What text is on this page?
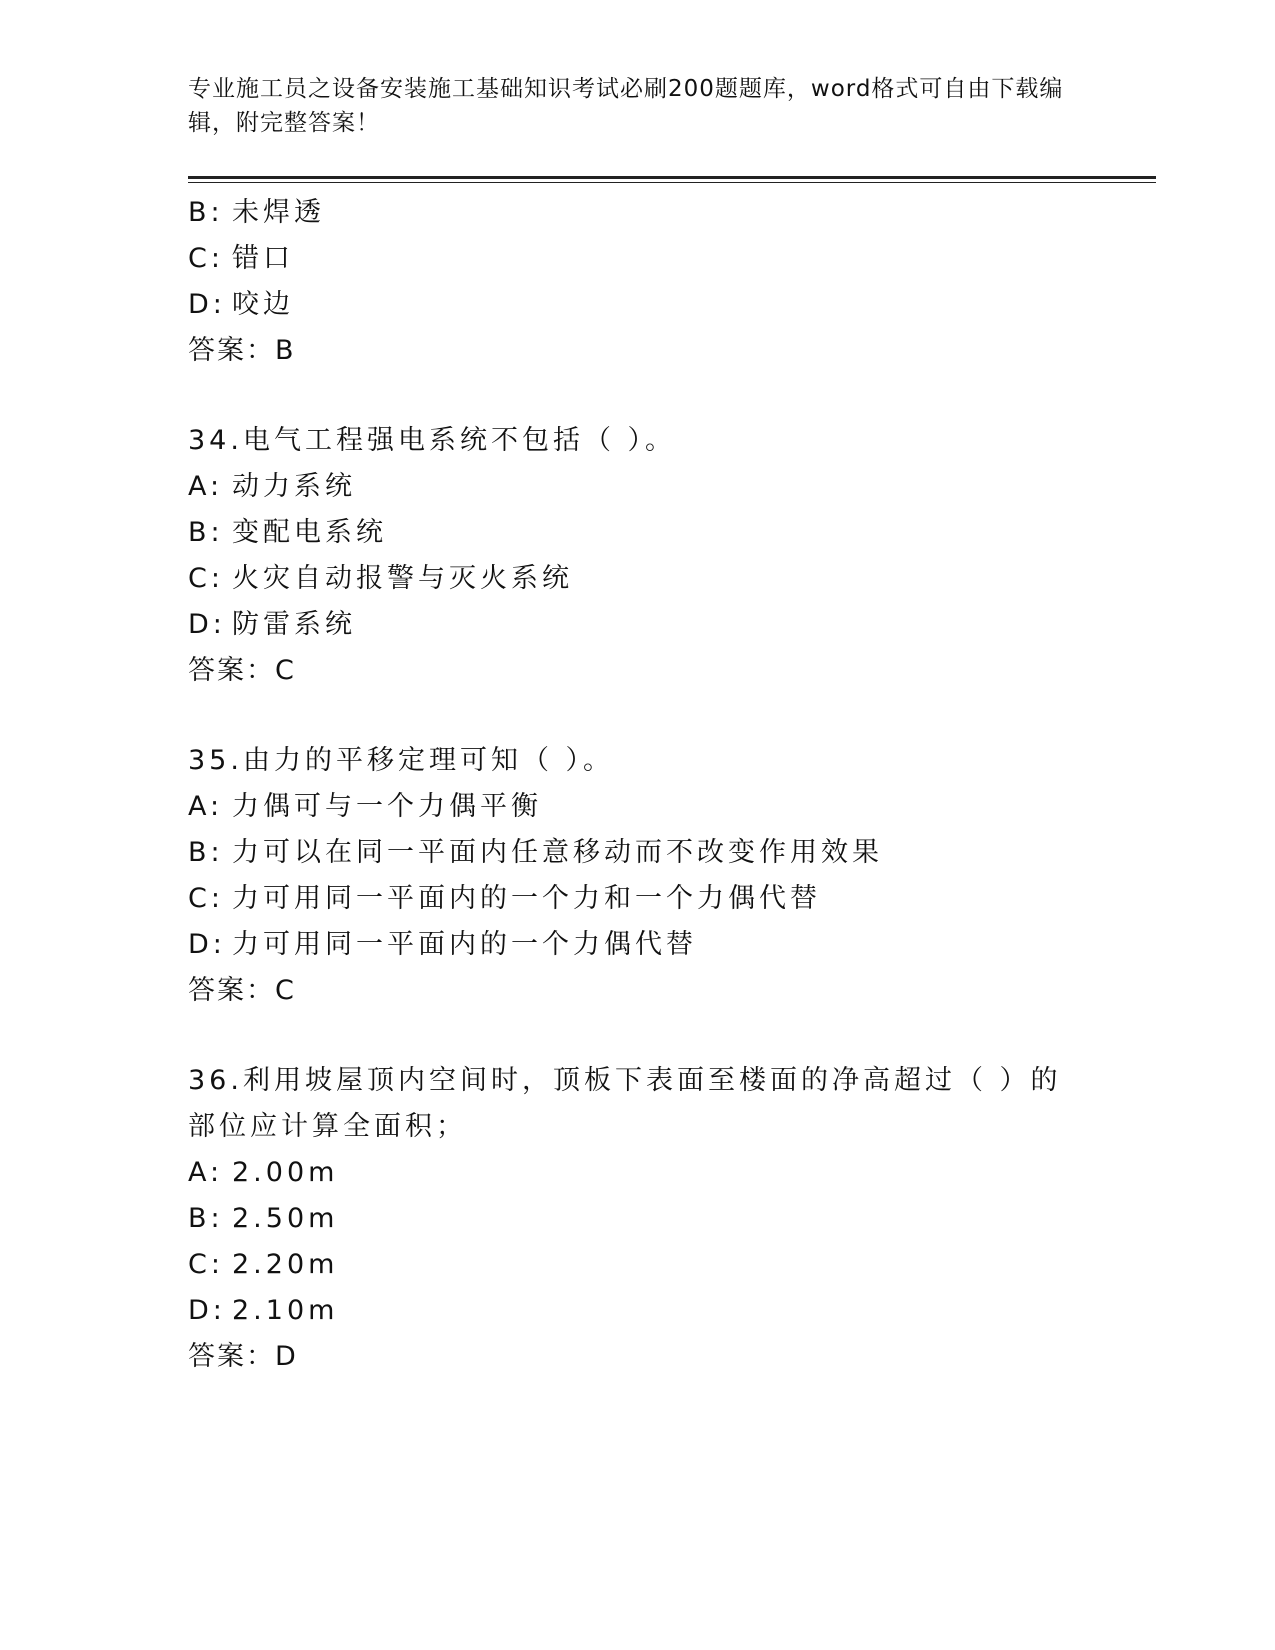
专业施工员之设备安装施工基础知识考试必刷200题题库，word格式可自由下载编辑，附完整答案！
B: 未焊透
C: 错口
D: 咬边
答案：B
34.电气工程强电系统不包括（ ）。
A: 动力系统
B: 变配电系统
C: 火灾自动报警与灭火系统
D: 防雷系统
答案：C
35.由力的平移定理可知（ ）。
A: 力偶可与一个力偶平衡
B: 力可以在同一平面内任意移动而不改变作用效果
C: 力可用同一平面内的一个力和一个力偶代替
D: 力可用同一平面内的一个力偶代替
答案：C
36.利用坡屋顶内空间时，顶板下表面至楼面的净高超过（ ）的部位应计算全面积；
A: 2.00m
B: 2.50m
C: 2.20m
D: 2.10m
答案：D
